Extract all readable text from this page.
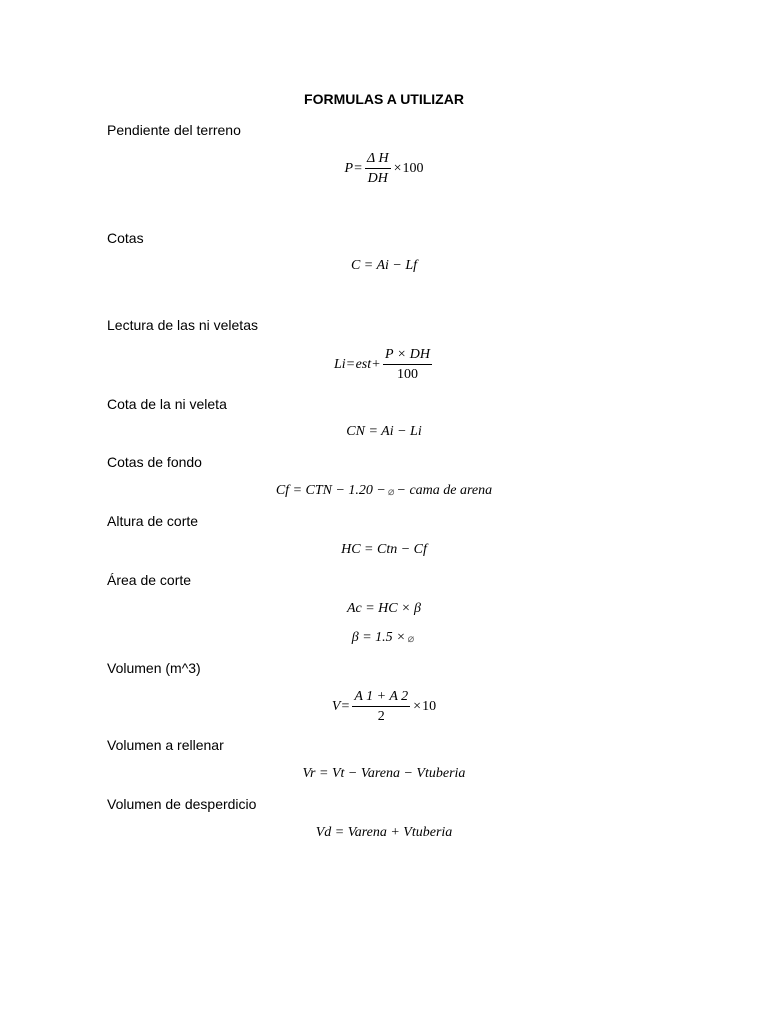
FORMULAS A UTILIZAR
Pendiente del terreno
$P = \frac{\text{Δ H}}{DH} \times 100$
Cotas
C = Ai − Lf
Lectura de las ni veletas
Li = est + $\frac{P \times DH}{100}$
Cota de la ni veleta
CN = Ai − Li
Cotas de fondo
Cf = CTN − 1.20 − ⌀ − cama de arena
Altura de corte
HC = Ctn − Cf
Área de corte
Ac = HC × β
β = 1.5 × ⌀
Volumen (m^3)
$V = \frac{A 1 + A 2}{2} \times 10$
Volumen a rellenar
Vr = Vt − Varena − Vtuberia
Volumen de desperdicio
Vd = Varena + Vtuberia
